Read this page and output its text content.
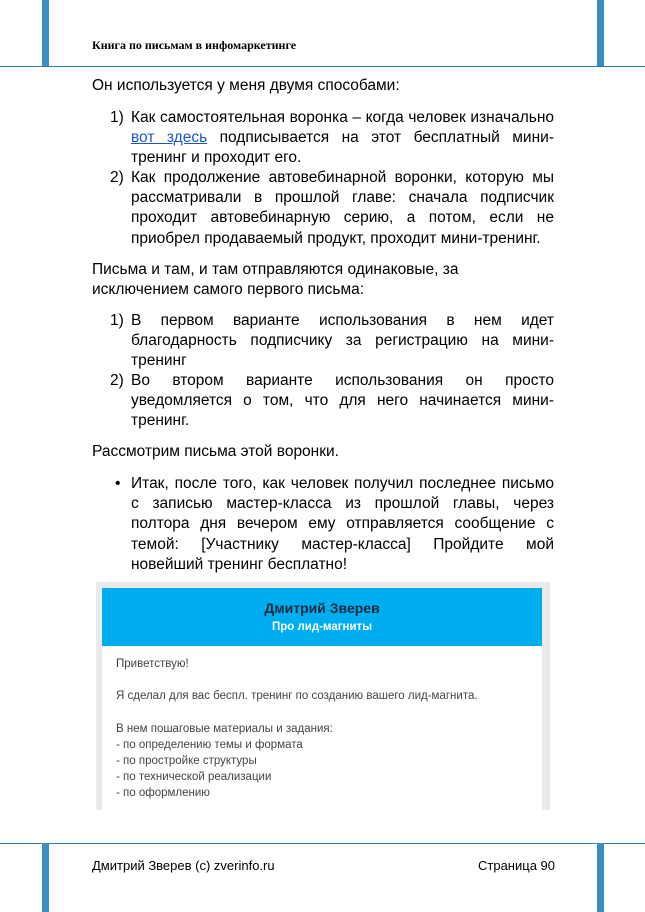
Книга по письмам в инфомаркетинге
Он используется у меня двумя способами:
1) Как самостоятельная воронка – когда человек изначально вот здесь подписывается на этот бесплатный мини-тренинг и проходит его.
2) Как продолжение автовебинарной воронки, которую мы рассматривали в прошлой главе: сначала подписчик проходит автовебинарную серию, а потом, если не приобрел продаваемый продукт, проходит мини-тренинг.
Письма и там, и там отправляются одинаковые, за исключением самого первого письма:
1) В первом варианте использования в нем идет благодарность подписчику за регистрацию на мини-тренинг
2) Во втором варианте использования он просто уведомляется о том, что для него начинается мини-тренинг.
Рассмотрим письма этой воронки.
• Итак, после того, как человек получил последнее письмо с записью мастер-класса из прошлой главы, через полтора дня вечером ему отправляется сообщение с темой: [Участнику мастер-класса] Пройдите мой новейший тренинг бесплатно!
Дмитрий Зверев
Про лид-магниты
Приветствую!
Я сделал для вас беспл. тренинг по созданию вашего лид-магнита.
В нем пошаговые материалы и задания:
- по определению темы и формата
- по простройке структуры
- по технической реализации
- по оформлению
Дмитрий Зверев (c) zverinfo.ru	Страница 90
